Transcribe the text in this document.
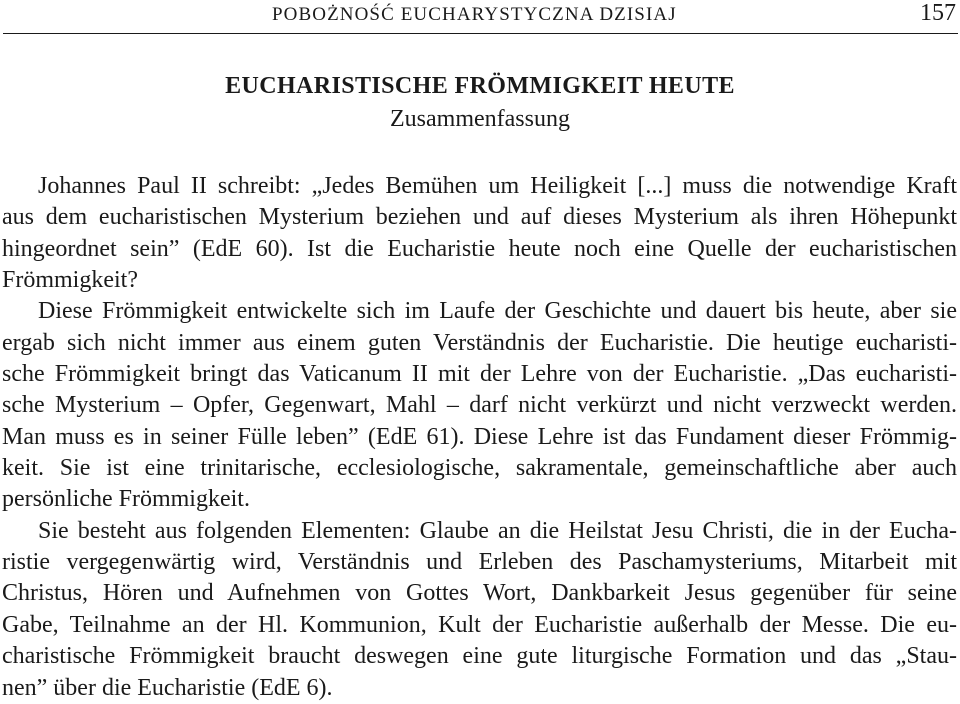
POBOŻNOŚĆ EUCHARYSTYCZNA DZISIAJ	157
EUCHARISTISCHE FRÖMMIGKEIT HEUTE
Zusammenfassung
Johannes Paul II schreibt: „Jedes Bemühen um Heiligkeit [...] muss die notwendige Kraft
aus dem eucharistischen Mysterium beziehen und auf dieses Mysterium als ihren Höhepunkt
hingeordnet sein” (EdE 60). Ist die Eucharistie heute noch eine Quelle der eucharistischen
Frömmigkeit?
Diese Frömmigkeit entwickelte sich im Laufe der Geschichte und dauert bis heute, aber sie
ergab sich nicht immer aus einem guten Verständnis der Eucharistie. Die heutige eucharisti-
sche Frömmigkeit bringt das Vaticanum II mit der Lehre von der Eucharistie. „Das eucharisti-
sche Mysterium – Opfer, Gegenwart, Mahl – darf nicht verkürzt und nicht verzweckt werden.
Man muss es in seiner Fülle leben” (EdE 61). Diese Lehre ist das Fundament dieser Frömmig-
keit. Sie ist eine trinitarische, ecclesiologische, sakramentale, gemeinschaftliche aber auch
persönliche Frömmigkeit.
Sie besteht aus folgenden Elementen: Glaube an die Heilstat Jesu Christi, die in der Eucha-
ristie vergegenwärtig wird, Verständnis und Erleben des Paschamysteriums, Mitarbeit mit
Christus, Hören und Aufnehmen von Gottes Wort, Dankbarkeit Jesus gegenüber für seine
Gabe, Teilnahme an der Hl. Kommunion, Kult der Eucharistie außerhalb der Messe. Die eu-
charistische Frömmigkeit braucht deswegen eine gute liturgische Formation und das „Stau-
nen” über die Eucharistie (EdE 6).
